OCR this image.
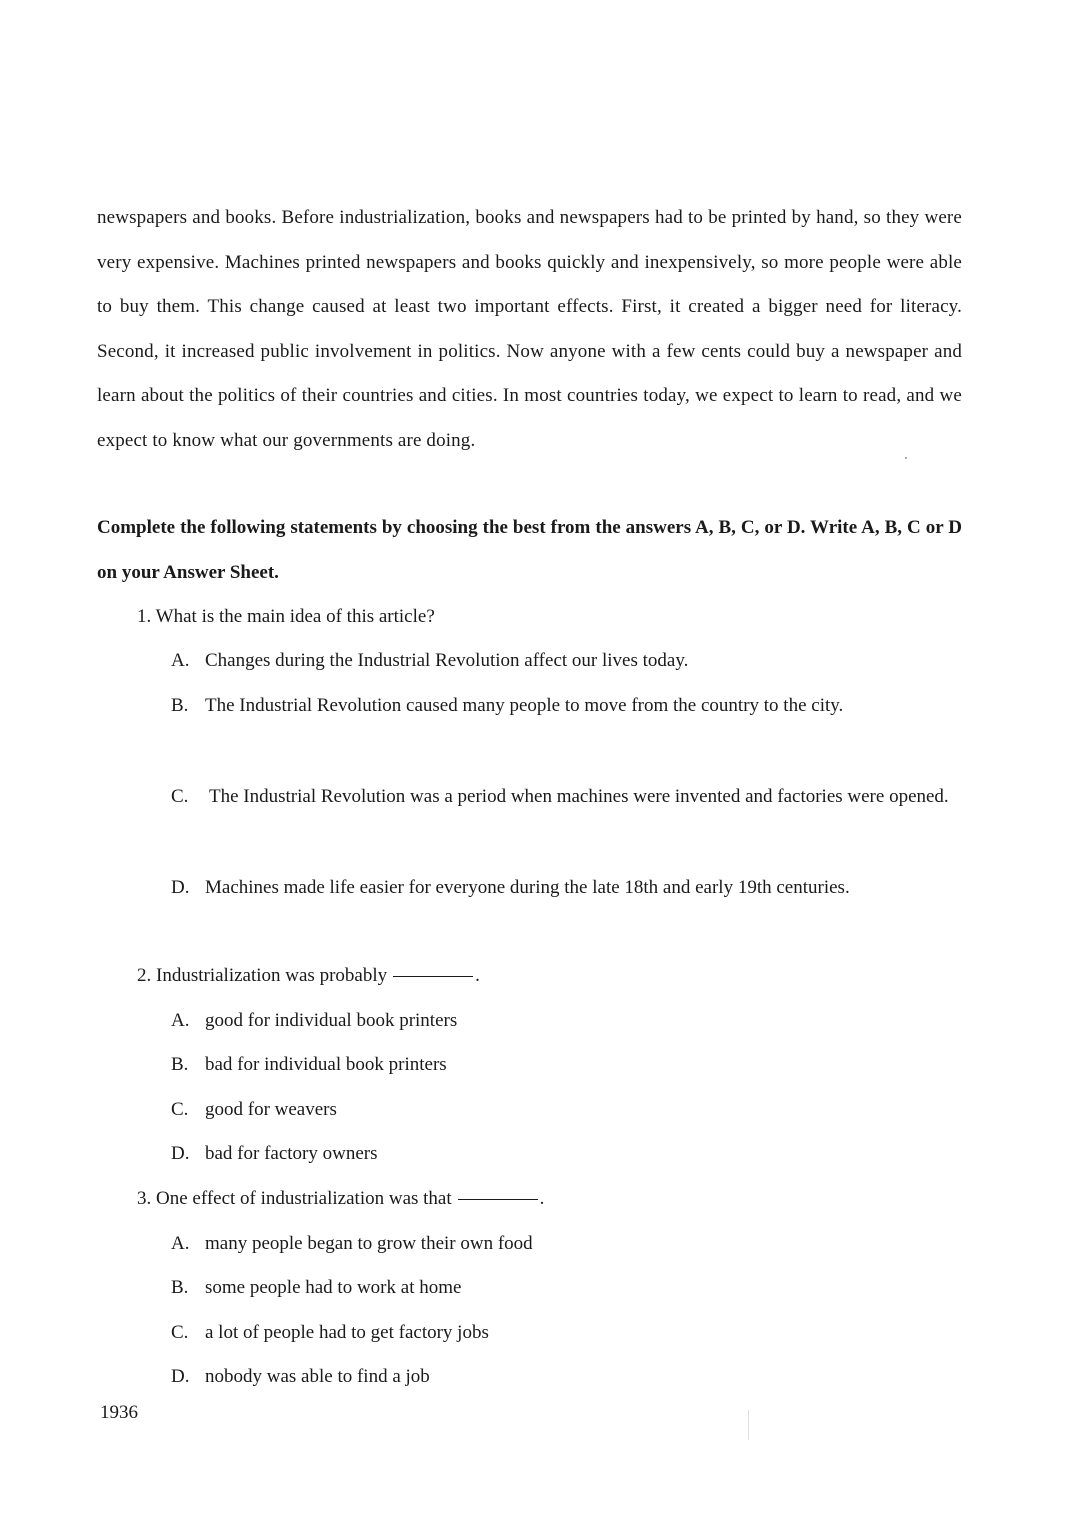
newspapers and books. Before industrialization, books and newspapers had to be printed by hand, so they were very expensive. Machines printed newspapers and books quickly and inexpensively, so more people were able to buy them. This change caused at least two important effects. First, it created a bigger need for literacy. Second, it increased public involvement in politics. Now anyone with a few cents could buy a newspaper and learn about the politics of their countries and cities. In most countries today, we expect to learn to read, and we expect to know what our governments are doing.

Complete the following statements by choosing the best from the answers A, B, C, or D. Write A, B, C or D on your Answer Sheet.

1. What is the main idea of this article?

A. Changes during the Industrial Revolution affect our lives today.
B. The Industrial Revolution caused many people to move from the country to the city.
C.	The Industrial Revolution was a period when machines were invented and factories were opened.
D. Machines made life easier for everyone during the late 18th and early 19th centuries.

2. Industrialization was probably	.

A. good for individual book printers
B. bad for individual book printers
C. good for weavers
D. bad for factory owners

3. One effect of industrialization was that	.

A. many people began to grow their own food
B. some people had to work at home
C. a lot of people had to get factory jobs
D. nobody was able to find a job

1936
